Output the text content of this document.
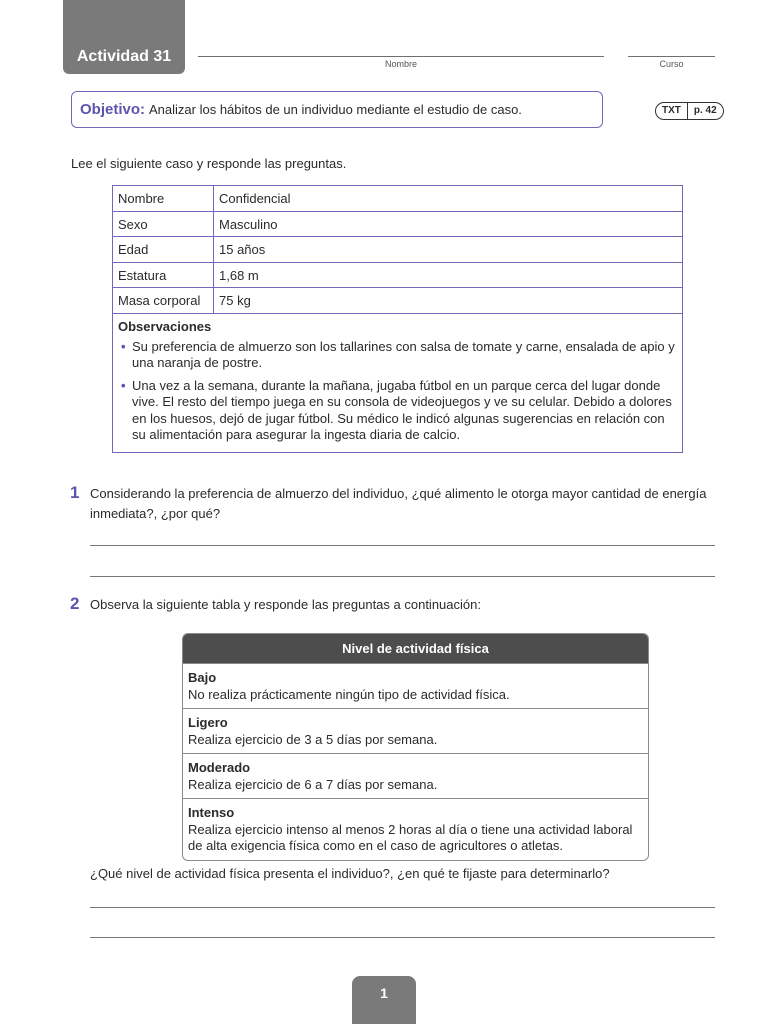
Actividad 31	Nombre	Curso
Objetivo: Analizar los hábitos de un individuo mediante el estudio de caso.	TXT	p. 42
Lee el siguiente caso y responde las preguntas.
Nombre	Confidencial
Sexo	Masculino
Edad	15 años
Estatura	1,68 m
Masa corporal	75 kg
Observaciones
• Su preferencia de almuerzo son los tallarines con salsa de tomate y carne, ensalada de apio y una naranja de postre.
• Una vez a la semana, durante la mañana, jugaba fútbol en un parque cerca del lugar donde vive. El resto del tiempo juega en su consola de videojuegos y ve su celular. Debido a dolores en los huesos, dejó de jugar fútbol. Su médico le indicó algunas sugerencias en relación con su alimentación para asegurar la ingesta diaria de calcio.
1 Considerando la preferencia de almuerzo del individuo, ¿qué alimento le otorga mayor cantidad de energía inmediata?, ¿por qué?
2 Observa la siguiente tabla y responde las preguntas a continuación:
Nivel de actividad física
Bajo
No realiza prácticamente ningún tipo de actividad física.
Ligero
Realiza ejercicio de 3 a 5 días por semana.
Moderado
Realiza ejercicio de 6 a 7 días por semana.
Intenso
Realiza ejercicio intenso al menos 2 horas al día o tiene una actividad laboral de alta exigencia física como en el caso de agricultores o atletas.
¿Qué nivel de actividad física presenta el individuo?, ¿en qué te fijaste para determinarlo?
1
